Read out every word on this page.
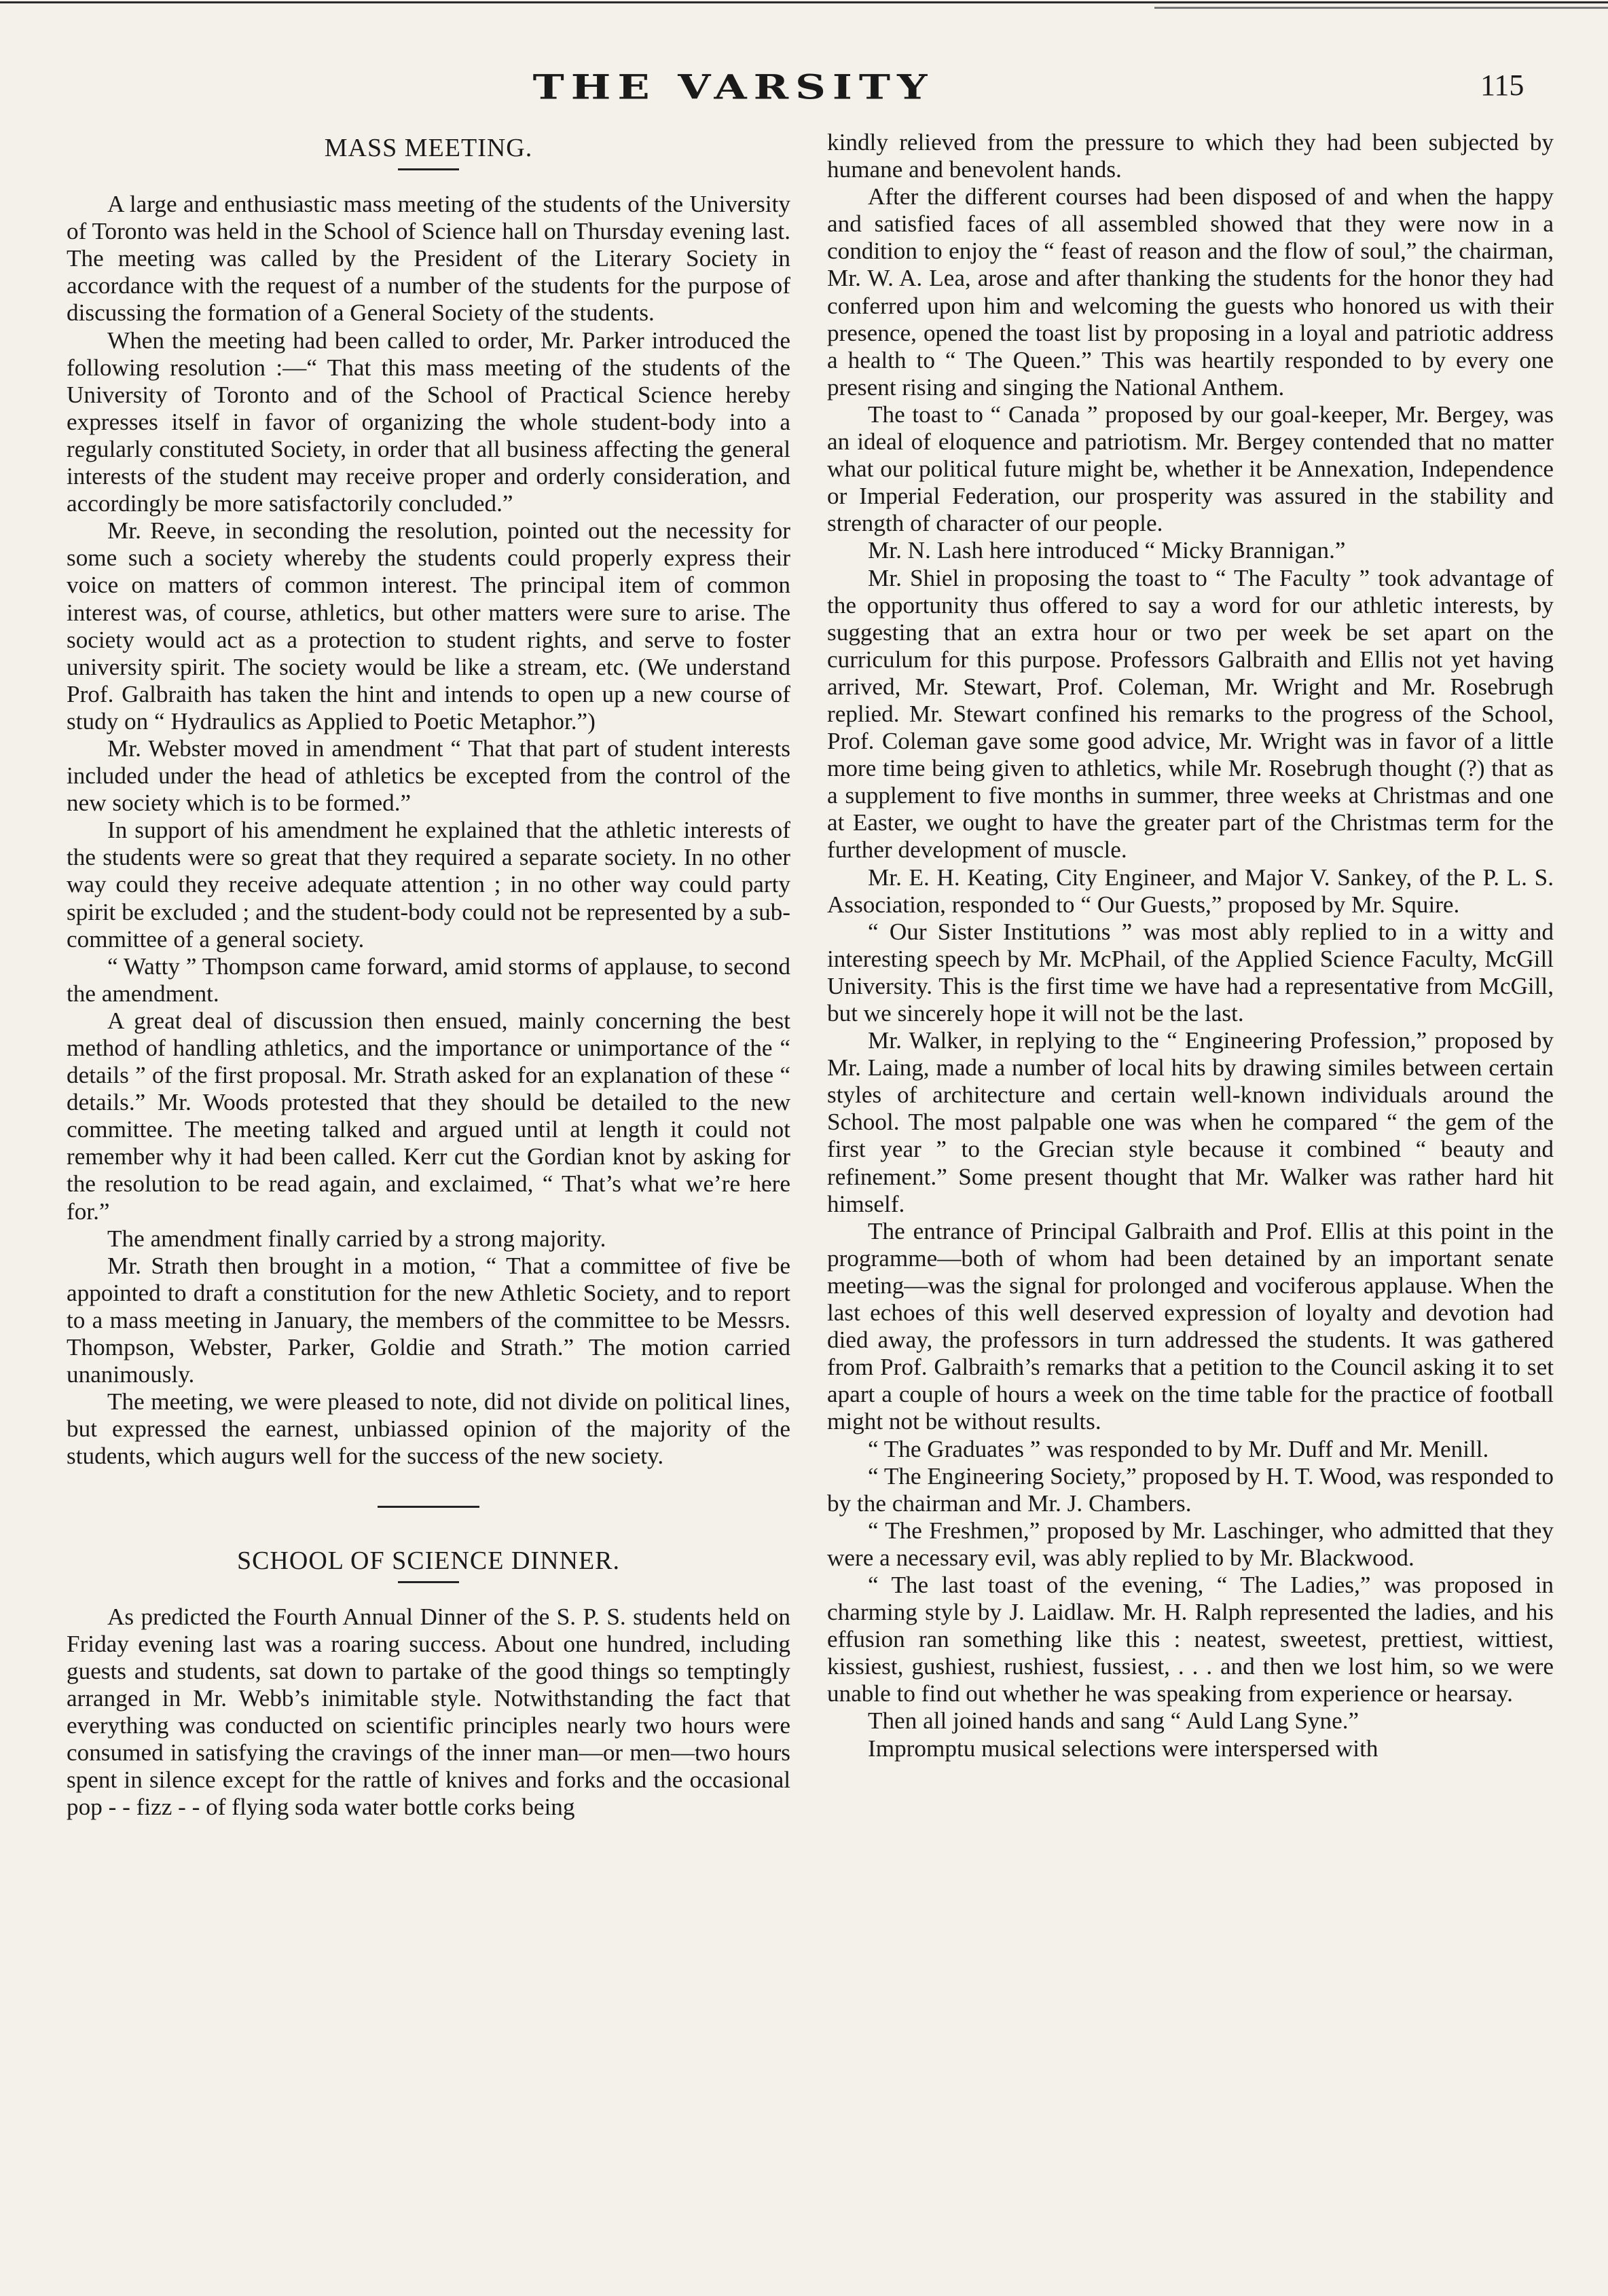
THE VARSITY	115
MASS MEETING.

A large and enthusiastic mass meeting of the students of the University of Toronto was held in the School of Science hall on Thursday evening last. The meeting was called by the President of the Literary Society in accordance with the request of a number of the students for the purpose of discussing the formation of a General Society of the students.

When the meeting had been called to order, Mr. Parker introduced the following resolution :—“ That this mass meeting of the students of the University of Toronto and of the School of Practical Science hereby expresses itself in favor of organizing the whole student-body into a regularly constituted Society, in order that all business affecting the general interests of the student may receive proper and orderly consideration, and accordingly be more satisfactorily concluded.”

Mr. Reeve, in seconding the resolution, pointed out the necessity for some such a society whereby the students could properly express their voice on matters of common interest. The principal item of common interest was, of course, athletics, but other matters were sure to arise. The society would act as a protection to student rights, and serve to foster university spirit. The society would be like a stream, etc. (We understand Prof. Galbraith has taken the hint and intends to open up a new course of study on “ Hydraulics as Applied to Poetic Metaphor.”)

Mr. Webster moved in amendment “ That that part of student interests included under the head of athletics be excepted from the control of the new society which is to be formed.”

In support of his amendment he explained that the athletic interests of the students were so great that they required a separate society. In no other way could they receive adequate attention ; in no other way could party spirit be excluded ; and the student-body could not be represented by a sub-committee of a general society.

“ Watty ” Thompson came forward, amid storms of applause, to second the amendment.

A great deal of discussion then ensued, mainly concerning the best method of handling athletics, and the importance or unimportance of the “ details ” of the first proposal. Mr. Strath asked for an explanation of these “ details.” Mr. Woods protested that they should be detailed to the new committee. The meeting talked and argued until at length it could not remember why it had been called. Kerr cut the Gordian knot by asking for the resolution to be read again, and exclaimed, “ That’s what we’re here for.”

The amendment finally carried by a strong majority.

Mr. Strath then brought in a motion, “ That a committee of five be appointed to draft a constitution for the new Athletic Society, and to report to a mass meeting in January, the members of the committee to be Messrs. Thompson, Webster, Parker, Goldie and Strath.” The motion carried unanimously.

The meeting, we were pleased to note, did not divide on political lines, but expressed the earnest, unbiassed opinion of the majority of the students, which augurs well for the success of the new society.

SCHOOL OF SCIENCE DINNER.

As predicted the Fourth Annual Dinner of the S. P. S. students held on Friday evening last was a roaring success. About one hundred, including guests and students, sat down to partake of the good things so temptingly arranged in Mr. Webb’s inimitable style. Notwithstanding the fact that everything was conducted on scientific principles nearly two hours were consumed in satisfying the cravings of the inner man—or men—two hours spent in silence except for the rattle of knives and forks and the occasional pop - - fizz - - of flying soda water bottle corks being

kindly relieved from the pressure to which they had been subjected by humane and benevolent hands.

After the different courses had been disposed of and when the happy and satisfied faces of all assembled showed that they were now in a condition to enjoy the “ feast of reason and the flow of soul,” the chairman, Mr. W. A. Lea, arose and after thanking the students for the honor they had conferred upon him and welcoming the guests who honored us with their presence, opened the toast list by proposing in a loyal and patriotic address a health to “ The Queen.” This was heartily responded to by every one present rising and singing the National Anthem.

The toast to “ Canada ” proposed by our goal-keeper, Mr. Bergey, was an ideal of eloquence and patriotism. Mr. Bergey contended that no matter what our political future might be, whether it be Annexation, Independence or Imperial Federation, our prosperity was assured in the stability and strength of character of our people.

Mr. N. Lash here introduced “ Micky Brannigan.”

Mr. Shiel in proposing the toast to “ The Faculty ” took advantage of the opportunity thus offered to say a word for our athletic interests, by suggesting that an extra hour or two per week be set apart on the curriculum for this purpose. Professors Galbraith and Ellis not yet having arrived, Mr. Stewart, Prof. Coleman, Mr. Wright and Mr. Rosebrugh replied. Mr. Stewart confined his remarks to the progress of the School, Prof. Coleman gave some good advice, Mr. Wright was in favor of a little more time being given to athletics, while Mr. Rosebrugh thought (?) that as a supplement to five months in summer, three weeks at Christmas and one at Easter, we ought to have the greater part of the Christmas term for the further development of muscle.

Mr. E. H. Keating, City Engineer, and Major V. Sankey, of the P. L. S. Association, responded to “ Our Guests,” proposed by Mr. Squire.

“ Our Sister Institutions ” was most ably replied to in a witty and interesting speech by Mr. McPhail, of the Applied Science Faculty, McGill University. This is the first time we have had a representative from McGill, but we sincerely hope it will not be the last.

Mr. Walker, in replying to the “ Engineering Profession,” proposed by Mr. Laing, made a number of local hits by drawing similes between certain styles of architecture and certain well-known individuals around the School. The most palpable one was when he compared “ the gem of the first year ” to the Grecian style because it combined “ beauty and refinement.” Some present thought that Mr. Walker was rather hard hit himself.

The entrance of Principal Galbraith and Prof. Ellis at this point in the programme—both of whom had been detained by an important senate meeting—was the signal for prolonged and vociferous applause. When the last echoes of this well deserved expression of loyalty and devotion had died away, the professors in turn addressed the students. It was gathered from Prof. Galbraith’s remarks that a petition to the Council asking it to set apart a couple of hours a week on the time table for the practice of football might not be without results.

“ The Graduates ” was responded to by Mr. Duff and Mr. Menill.

“ The Engineering Society,” proposed by H. T. Wood, was responded to by the chairman and Mr. J. Chambers.

“ The Freshmen,” proposed by Mr. Laschinger, who admitted that they were a necessary evil, was ably replied to by Mr. Blackwood.

“ The last toast of the evening, “ The Ladies,” was proposed in charming style by J. Laidlaw. Mr. H. Ralph represented the ladies, and his effusion ran something like this : neatest, sweetest, prettiest, wittiest, kissiest, gushiest, rushiest, fussiest, . . . and then we lost him, so we were unable to find out whether he was speaking from experience or hearsay.

Then all joined hands and sang “ Auld Lang Syne.”

Impromptu musical selections were interspersed with
